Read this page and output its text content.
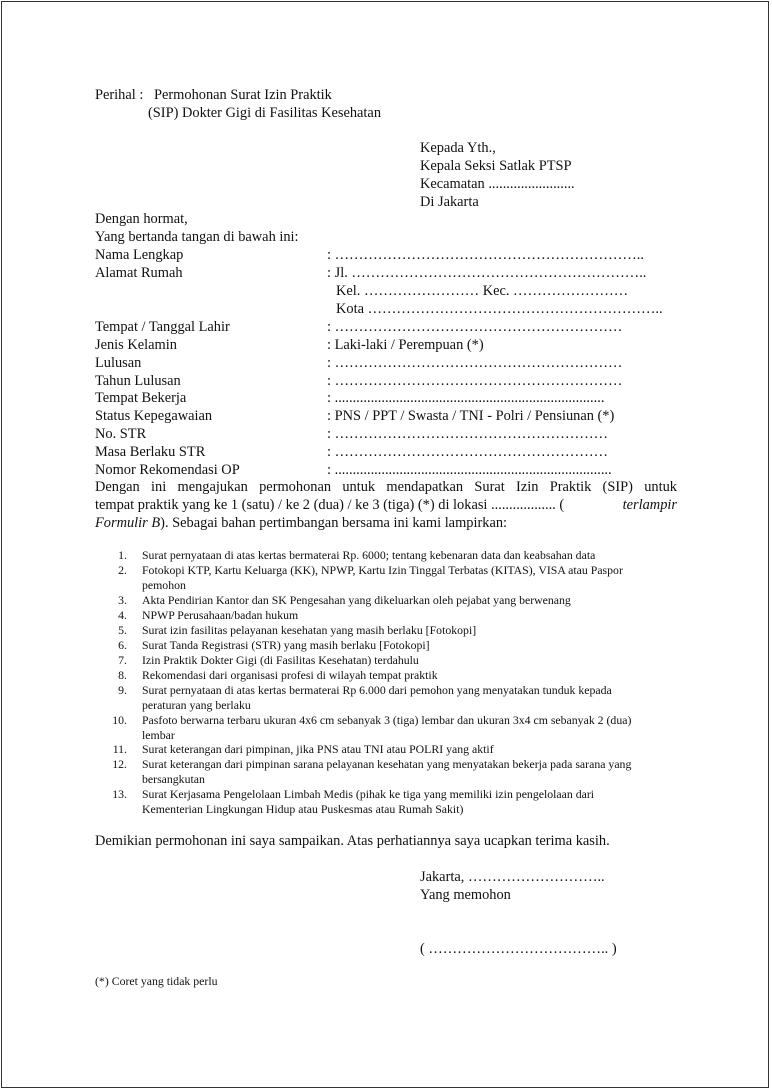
Perihal : Permohonan Surat Izin Praktik
(SIP) Dokter Gigi di Fasilitas Kesehatan
Kepada Yth.,
Kepala Seksi Satlak PTSP
Kecamatan ........................
Di Jakarta
Dengan hormat,
Yang bertanda tangan di bawah ini:
Nama Lengkap	: ………………………………………………………..
Alamat Rumah	: Jl. ……………………………………………………..
Kel. …………………… Kec. ……………………
Kota ……………………………………………………..
Tempat / Tanggal Lahir	: ……………………………………………………
Jenis Kelamin	: Laki-laki / Perempuan (*)
Lulusan	: ……………………………………………………
Tahun Lulusan	: ……………………………………………………
Tempat Bekerja	: ...........................................................................
Status Kepegawaian	: PNS / PPT / Swasta / TNI - Polri / Pensiunan (*)
No. STR	: …………………………………………………
Masa Berlaku STR	: …………………………………………………
Nomor Rekomendasi OP	: .............................................................................
Dengan ini mengajukan permohonan untuk mendapatkan Surat Izin Praktik (SIP) untuk
tempat praktik yang ke 1 (satu) / ke 2 (dua) / ke 3 (tiga) (*) di lokasi .................. (	terlampir
Formulir B). Sebagai bahan pertimbangan bersama ini kami lampirkan:
1. Surat pernyataan di atas kertas bermaterai Rp. 6000; tentang kebenaran data dan keabsahan data
2. Fotokopi KTP, Kartu Keluarga (KK), NPWP, Kartu Izin Tinggal Terbatas (KITAS), VISA atau Paspor
pemohon
3. Akta Pendirian Kantor dan SK Pengesahan yang dikeluarkan oleh pejabat yang berwenang
4. NPWP Perusahaan/badan hukum
5. Surat izin fasilitas pelayanan kesehatan yang masih berlaku [Fotokopi]
6. Surat Tanda Registrasi (STR) yang masih berlaku [Fotokopi]
7. Izin Praktik Dokter Gigi (di Fasilitas Kesehatan) terdahulu
8. Rekomendasi dari organisasi profesi di wilayah tempat praktik
9. Surat pernyataan di atas kertas bermaterai Rp 6.000 dari pemohon yang menyatakan tunduk kepada
peraturan yang berlaku
10. Pasfoto berwarna terbaru ukuran 4x6 cm sebanyak 3 (tiga) lembar dan ukuran 3x4 cm sebanyak 2 (dua)
lembar
11. Surat keterangan dari pimpinan, jika PNS atau TNI atau POLRI yang aktif
12. Surat keterangan dari pimpinan sarana pelayanan kesehatan yang menyatakan bekerja pada sarana yang
bersangkutan
13. Surat Kerjasama Pengelolaan Limbah Medis (pihak ke tiga yang memiliki izin pengelolaan dari
Kementerian Lingkungan Hidup atau Puskesmas atau Rumah Sakit)
Demikian permohonan ini saya sampaikan. Atas perhatiannya saya ucapkan terima kasih.
Jakarta, ………………………..
Yang memohon
( ……………………………….. )
(*) Coret yang tidak perlu
